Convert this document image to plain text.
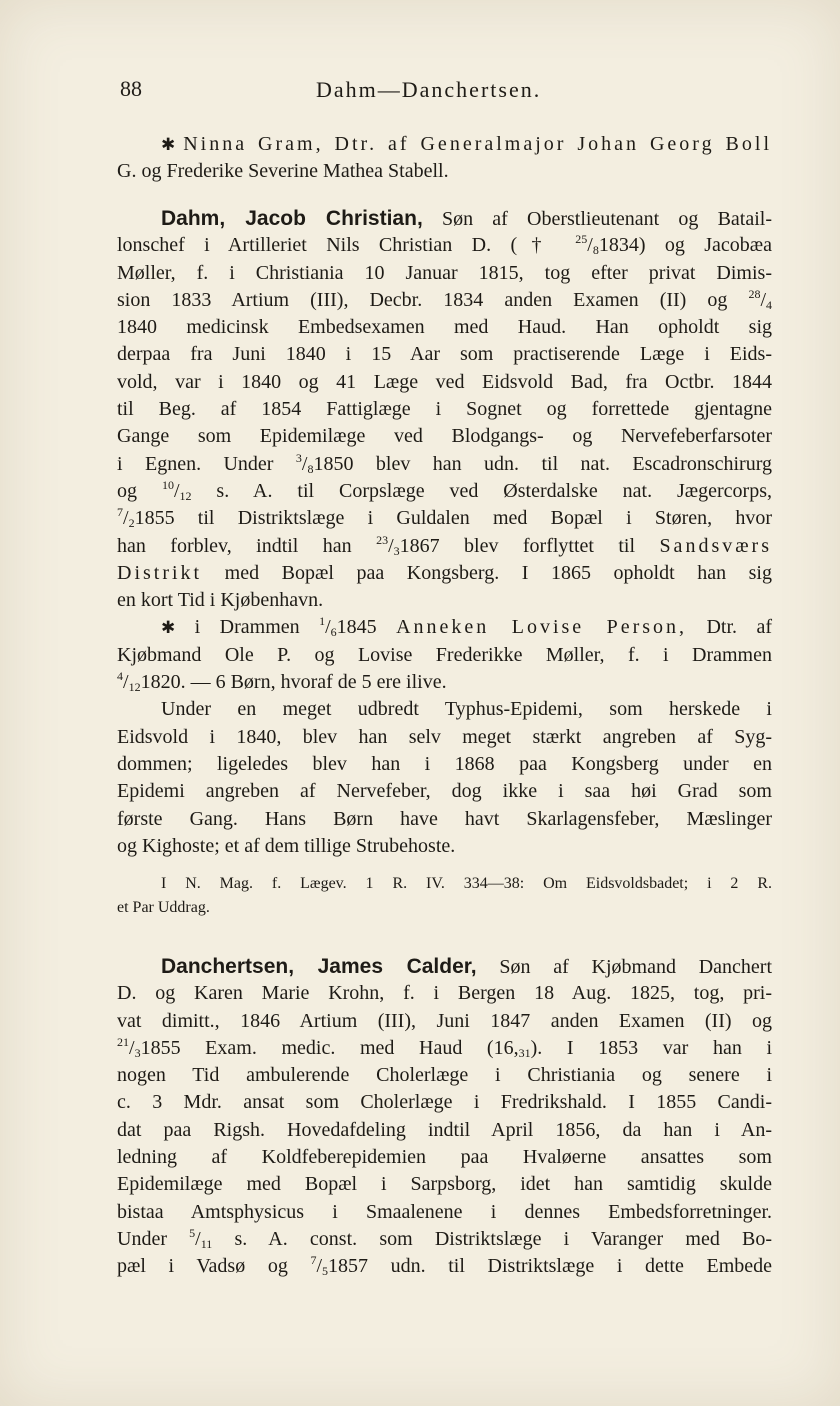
88	Dahm—Danchertsen.
✱ Ninna Gram, Dtr. af Generalmajor Johan Georg Boll
G. og Frederike Severine Mathea Stabell.
Dahm, Jacob Christian, Søn af Oberstlieutenant og Batail-
lonschef i Artilleriet Nils Christian D. († $^{25}/_81834$) og Jacobæa
Møller, f. i Christiania 10 Januar 1815, tog efter privat Dimis-
sion 1833 Artium (III), Decbr. 1834 anden Examen (II) og $^{28}/_4$
1840 medicinsk Embedsexamen med Haud. Han opholdt sig
derpaa fra Juni 1840 i 15 Aar som practiserende Læge i Eids-
vold, var i 1840 og 41 Læge ved Eidsvold Bad, fra Octbr. 1844
til Beg. af 1854 Fattiglæge i Sognet og forrettede gjentagne
Gange som Epidemilæge ved Blodgangs- og Nervefeberfarsoter
i Egnen. Under $^3/_81850$ blev han udn. til nat. Escadronschirurg
og $^{10}/_{12}$ s. A. til Corpslæge ved Østerdalske nat. Jægercorps,
$^7/_21855$ til Distriktslæge i Guldalen med Bopæl i Støren, hvor
han forblev, indtil han $^{23}/_31867$ blev forflyttet til Sandsværs
Distrikt med Bopæl paa Kongsberg. I 1865 opholdt han sig
en kort Tid i Kjøbenhavn.
✱ i Drammen $^1/_61845$ Anneken Lovise Person, Dtr. af
Kjøbmand Ole P. og Lovise Frederikke Møller, f. i Drammen
$^4/_{12}1820$. — 6 Børn, hvoraf de 5 ere ilive.
Under en meget udbredt Typhus-Epidemi, som herskede i
Eidsvold i 1840, blev han selv meget stærkt angreben af Syg-
dommen; ligeledes blev han i 1868 paa Kongsberg under en
Epidemi angreben af Nervefeber, dog ikke i saa høi Grad som
første Gang. Hans Børn have havt Skarlagensfeber, Mæslinger
og Kighoste; et af dem tillige Strubehoste.
I N. Mag. f. Lægev. 1 R. IV. 334—38: Om Eidsvoldsbadet; i 2 R.
et Par Uddrag.
Danchertsen, James Calder, Søn af Kjøbmand Danchert
D. og Karen Marie Krohn, f. i Bergen 18 Aug. 1825, tog, pri-
vat dimitt., 1846 Artium (III), Juni 1847 anden Examen (II) og
$^{21}/_31855$ Exam. medic. med Haud $(16,_{31})$. I 1853 var han i
nogen Tid ambulerende Cholerlæge i Christiania og senere i
c. 3 Mdr. ansat som Cholerlæge i Fredrikshald. I 1855 Candi-
dat paa Rigsh. Hovedafdeling indtil April 1856, da han i An-
ledning af Koldfeberepidemien paa Hvaløerne ansattes som
Epidemilæge med Bopæl i Sarpsborg, idet han samtidig skulde
bistaa Amtsphysicus i Smaalenene i dennes Embedsforretninger.
Under $^5/_{11}$ s. A. const. som Distriktslæge i Varanger med Bo-
pæl i Vadsø og $^7/_51857$ udn. til Distriktslæge i dette Embede
